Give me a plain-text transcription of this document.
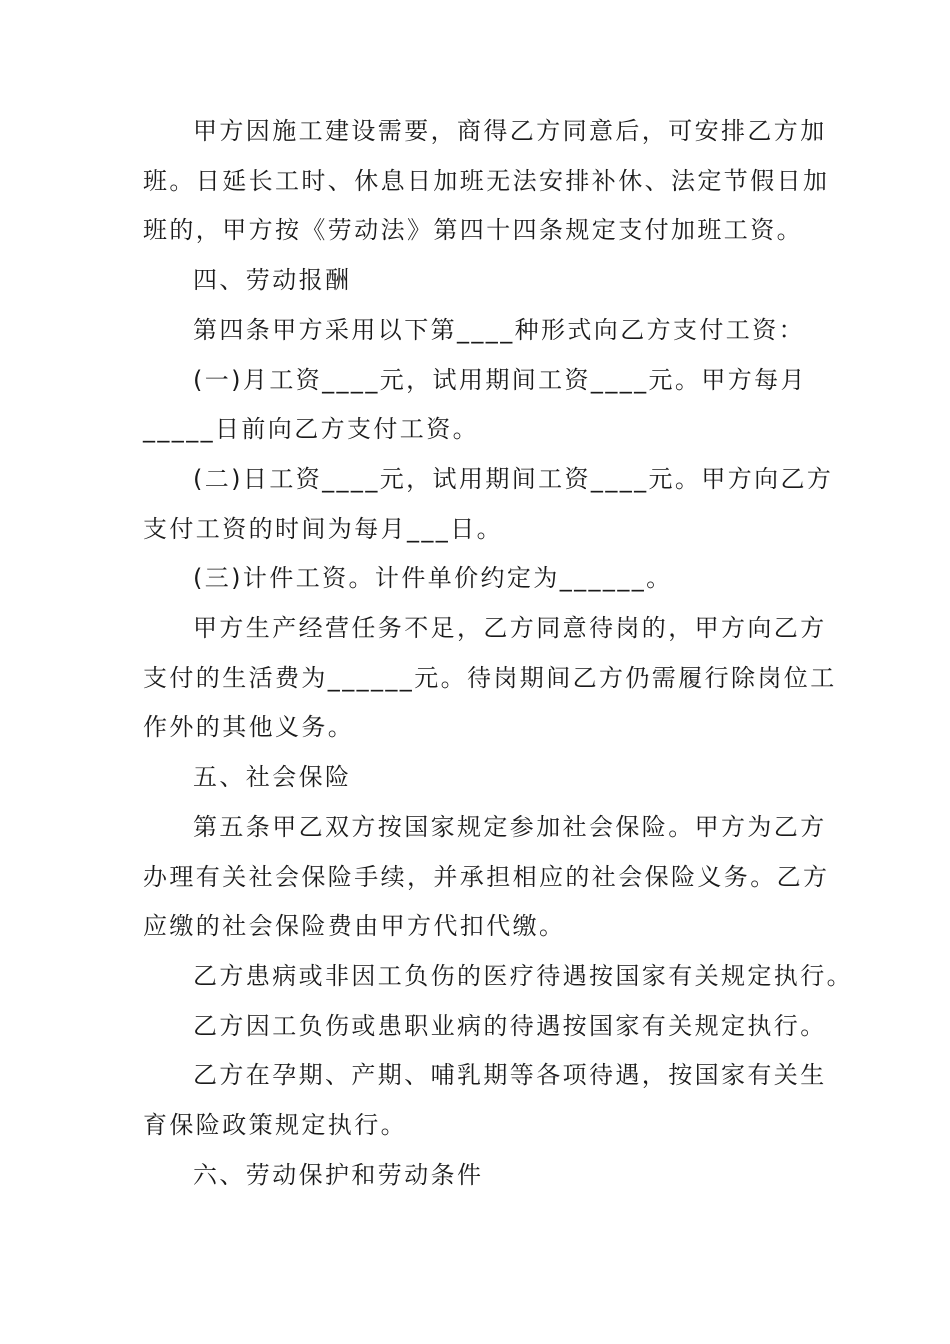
甲方因施工建设需要，商得乙方同意后，可安排乙方加

班。日延长工时、休息日加班无法安排补休、法定节假日加

班的，甲方按《劳动法》第四十四条规定支付加班工资。

四、劳动报酬

第四条甲方采用以下第____种形式向乙方支付工资：

(一)月工资____元，试用期间工资____元。甲方每月

_____日前向乙方支付工资。

(二)日工资____元，试用期间工资____元。甲方向乙方

支付工资的时间为每月___日。

(三)计件工资。计件单价约定为______。

甲方生产经营任务不足，乙方同意待岗的，甲方向乙方

支付的生活费为______元。待岗期间乙方仍需履行除岗位工

作外的其他义务。

五、社会保险

第五条甲乙双方按国家规定参加社会保险。甲方为乙方

办理有关社会保险手续，并承担相应的社会保险义务。乙方

应缴的社会保险费由甲方代扣代缴。

乙方患病或非因工负伤的医疗待遇按国家有关规定执行。

乙方因工负伤或患职业病的待遇按国家有关规定执行。

乙方在孕期、产期、哺乳期等各项待遇，按国家有关生

育保险政策规定执行。

六、劳动保护和劳动条件
